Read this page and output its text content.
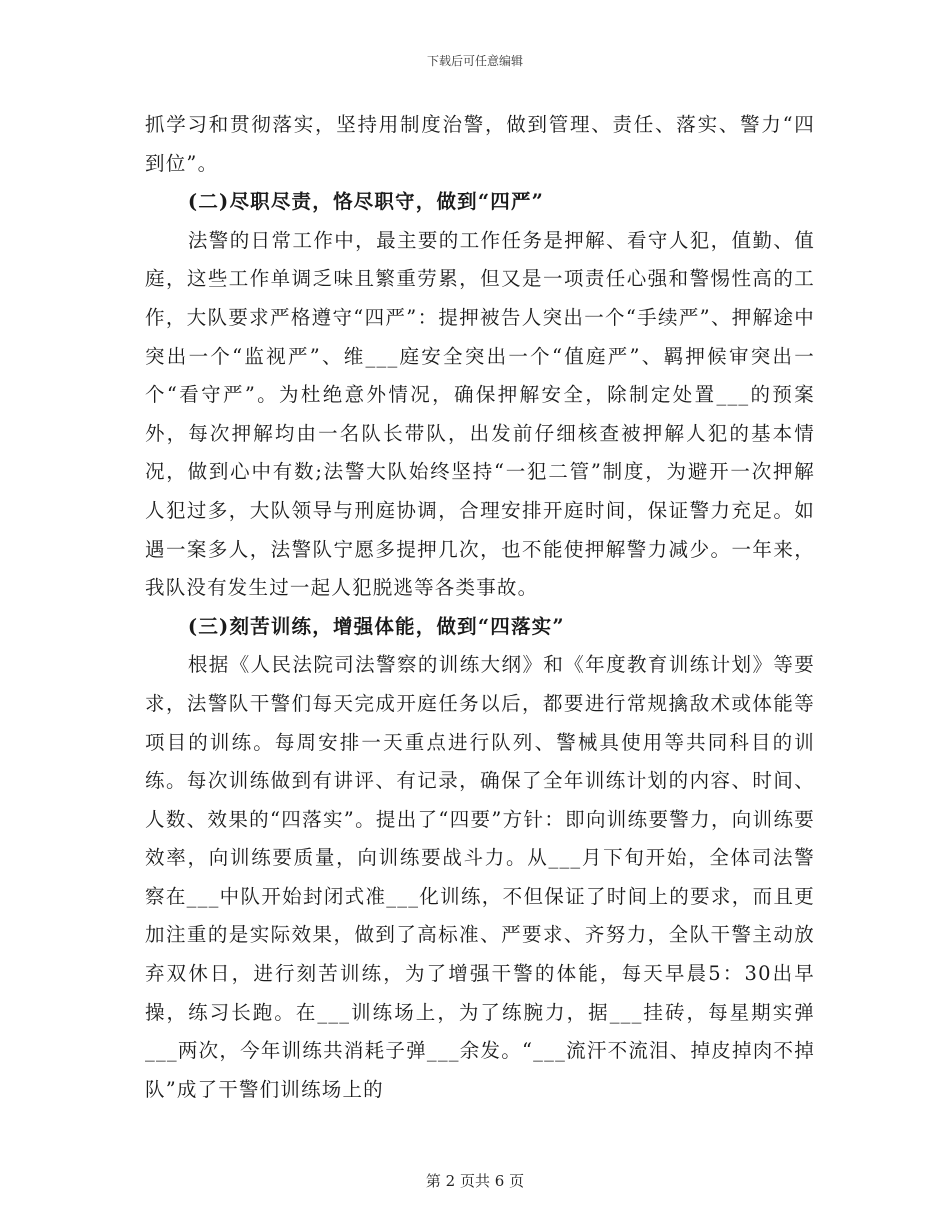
下载后可任意编辑

抓学习和贯彻落实，坚持用制度治警，做到管理、责任、落实、警力“四到位”。

(二)尽职尽责，恪尽职守，做到“四严”

法警的日常工作中，最主要的工作任务是押解、看守人犯，值勤、值庭，这些工作单调乏味且繁重劳累，但又是一项责任心强和警惕性高的工作，大队要求严格遵守“四严”：提押被告人突出一个“手续严”、押解途中突出一个“监视严”、维___庭安全突出一个“值庭严”、羁押候审突出一个“看守严”。为杜绝意外情况，确保押解安全，除制定处置___的预案外，每次押解均由一名队长带队，出发前仔细核查被押解人犯的基本情况，做到心中有数;法警大队始终坚持“一犯二管”制度，为避开一次押解人犯过多，大队领导与刑庭协调，合理安排开庭时间，保证警力充足。如遇一案多人，法警队宁愿多提押几次，也不能使押解警力减少。一年来，我队没有发生过一起人犯脱逃等各类事故。

(三)刻苦训练，增强体能，做到“四落实”

根据《人民法院司法警察的训练大纲》和《年度教育训练计划》等要求，法警队干警们每天完成开庭任务以后，都要进行常规擒敌术或体能等项目的训练。每周安排一天重点进行队列、警械具使用等共同科目的训练。每次训练做到有讲评、有记录，确保了全年训练计划的内容、时间、人数、效果的“四落实”。提出了“四要”方针：即向训练要警力，向训练要效率，向训练要质量，向训练要战斗力。从___月下旬开始，全体司法警察在___中队开始封闭式准___化训练，不但保证了时间上的要求，而且更加注重的是实际效果，做到了高标准、严要求、齐努力，全队干警主动放弃双休日，进行刻苦训练，为了增强干警的体能，每天早晨5：30出早操，练习长跑。在___训练场上，为了练腕力，据___挂砖，每星期实弹___两次，今年训练共消耗子弹___余发。“___流汗不流泪、掉皮掉肉不掉队”成了干警们训练场上的

第 2 页共 6 页
